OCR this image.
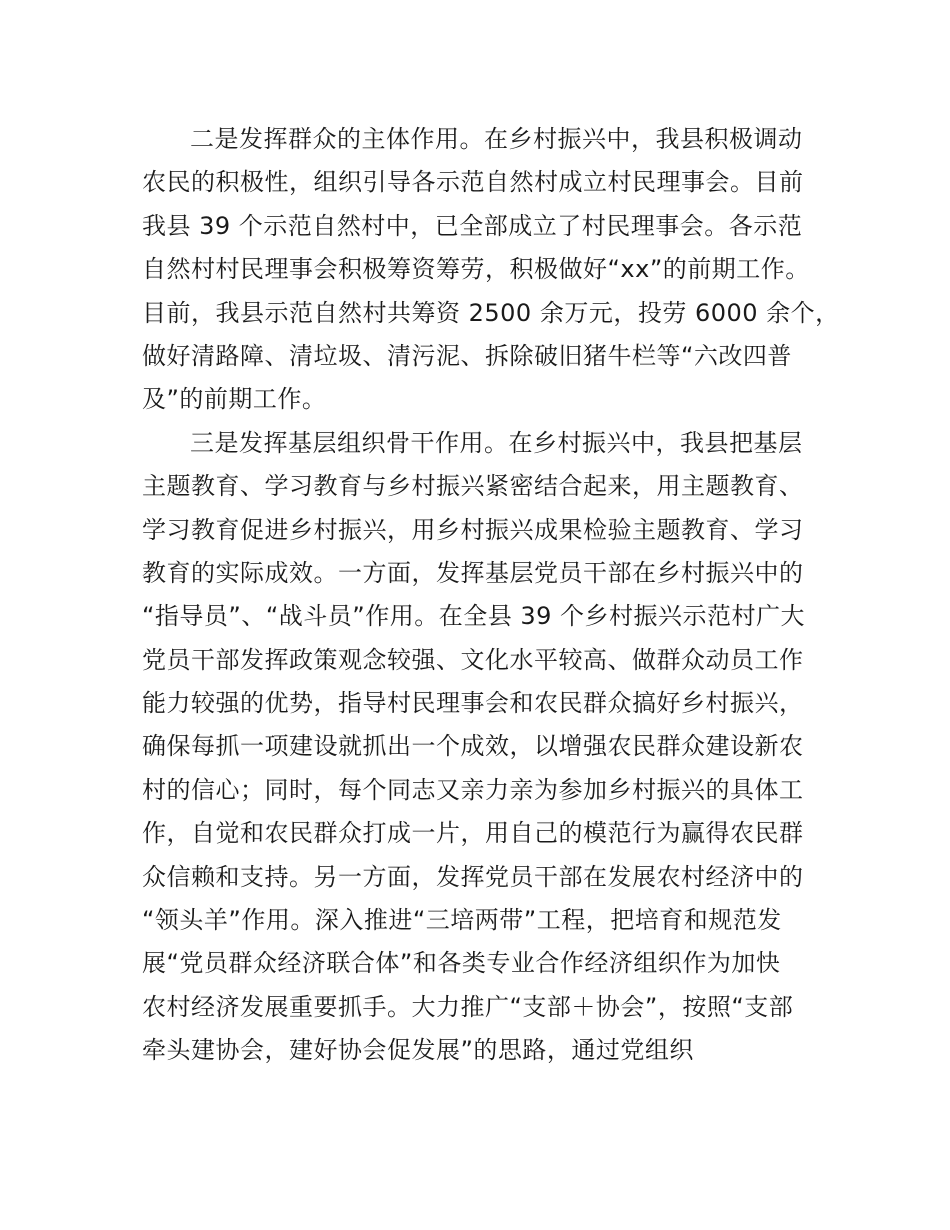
二是发挥群众的主体作用。在乡村振兴中，我县积极调动
农民的积极性，组织引导各示范自然村成立村民理事会。目前
我县 39 个示范自然村中，已全部成立了村民理事会。各示范
自然村村民理事会积极筹资筹劳，积极做好“xx”的前期工作。
目前，我县示范自然村共筹资 2500 余万元，投劳 6000 余个，
做好清路障、清垃圾、清污泥、拆除破旧猪牛栏等“六改四普
及”的前期工作。
三是发挥基层组织骨干作用。在乡村振兴中，我县把基层
主题教育、学习教育与乡村振兴紧密结合起来，用主题教育、
学习教育促进乡村振兴，用乡村振兴成果检验主题教育、学习
教育的实际成效。一方面，发挥基层党员干部在乡村振兴中的
“指导员”、“战斗员”作用。在全县 39 个乡村振兴示范村广大
党员干部发挥政策观念较强、文化水平较高、做群众动员工作
能力较强的优势，指导村民理事会和农民群众搞好乡村振兴，
确保每抓一项建设就抓出一个成效，以增强农民群众建设新农
村的信心；同时，每个同志又亲力亲为参加乡村振兴的具体工
作，自觉和农民群众打成一片，用自己的模范行为赢得农民群
众信赖和支持。另一方面，发挥党员干部在发展农村经济中的
“领头羊”作用。深入推进“三培两带”工程，把培育和规范发
展“党员群众经济联合体”和各类专业合作经济组织作为加快
农村经济发展重要抓手。大力推广“支部＋协会”，按照“支部
牵头建协会，建好协会促发展”的思路，通过党组织
